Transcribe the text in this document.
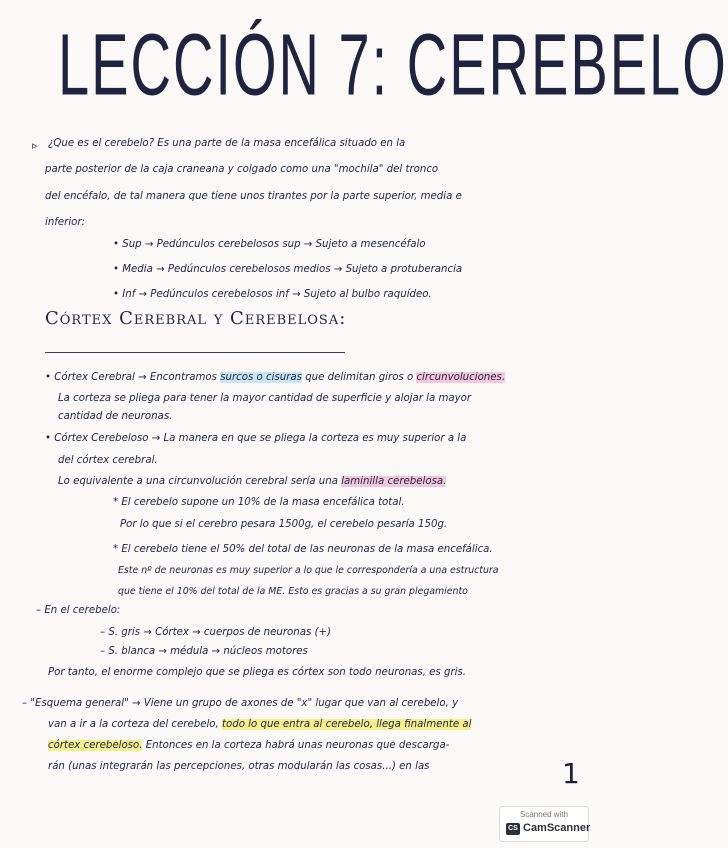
LECCIÓN 7: CEREBELO
▹ ¿Que es el cerebelo? Es una parte de la masa encefálica situado en la
parte posterior de la caja craneana y colgado como una "mochila" del tronco
del encéfalo, de tal manera que tiene unos tirantes por la parte superior, media e
inferior:
• Sup → Pedúnculos cerebelosos sup → Sujeto a mesencéfalo
• Media → Pedúnculos cerebelosos medios → Sujeto a protuberancia
• Inf → Pedúnculos cerebelosos inf → Sujeto al bulbo raquídeo.
Córtex Cerebral y Cerebelosa:
• Córtex Cerebral → Encontramos surcos o cisuras que delimitan giros o circunvoluciones.
La corteza se pliega para tener la mayor cantidad de superficie y alojar la mayor
cantidad de neuronas.
• Córtex Cerebeloso → La manera en que se pliega la corteza es muy superior a la
del córtex cerebral.
Lo equivalente a una circunvolución cerebral sería una laminilla cerebelosa.
* El cerebelo supone un 10% de la masa encefálica total.
Por lo que si el cerebro pesara 1500g, el cerebelo pesaría 150g.
* El cerebelo tiene el 50% del total de las neuronas de la masa encefálica.
Este nº de neuronas es muy superior a lo que le correspondería a una estructura
que tiene el 10% del total de la ME. Esto es gracias a su gran plegamiento
– En el cerebelo:
– S. gris → Córtex → cuerpos de neuronas (+)
– S. blanca → médula → núcleos motores
Por tanto, el enorme complejo que se pliega es córtex son todo neuronas, es gris.
– "Esquema general" → Viene un grupo de axones de "x" lugar que van al cerebelo, y
van a ir a la corteza del cerebelo, todo lo que entra al cerebelo, llega finalmente al
córtex cerebeloso. Entonces en la corteza habrá unas neuronas que descarga-
rán (unas integrarán las percepciones, otras modularán las cosas...) en las	1
Scanned with
CS CamScanner
